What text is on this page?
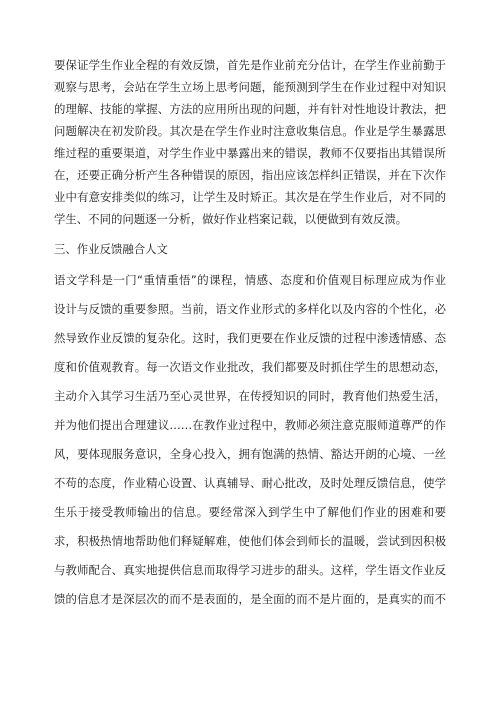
要保证学生作业全程的有效反馈，首先是作业前充分估计，在学生作业前勤于
观察与思考，会站在学生立场上思考问题，能预测到学生在作业过程中对知识
的理解、技能的掌握、方法的应用所出现的问题，并有针对性地设计教法，把
问题解决在初发阶段。其次是在学生作业时注意收集信息。作业是学生暴露思
维过程的重要渠道，对学生作业中暴露出来的错误，教师不仅要指出其错误所
在，还要正确分析产生各种错误的原因，指出应该怎样纠正错误，并在下次作
业中有意安排类似的练习，让学生及时矫正。其次是在学生作业后，对不同的
学生、不同的问题逐一分析，做好作业档案记载，以便做到有效反溃。
三、作业反馈融合人文
语文学科是一门“重情重悟”的课程，情感、态度和价值观目标理应成为作业
设计与反馈的重要参照。当前，语文作业形式的多样化以及内容的个性化，必
然导致作业反馈的复杂化。这时，我们更要在作业反馈的过程中渗透情感、态
度和价值观教育。每一次语文作业批改，我们都要及时抓住学生的思想动态，
主动介入其学习生活乃至心灵世界，在传授知识的同时，教育他们热爱生活，
并为他们提出合理建议……在教作业过程中，教师必须注意克服师道尊严的作
风，要体现服务意识，全身心投入，拥有饱满的热情、豁达开朗的心境、一丝
不苟的态度，作业精心设置、认真辅导、耐心批改，及时处理反馈信息，使学
生乐于接受教师输出的信息。要经常深入到学生中了解他们作业的困难和要
求，积极热情地帮助他们释疑解难，使他们体会到师长的温暖，尝试到因积极
与教师配合、真实地提供信息而取得学习进步的甜头。这样，学生语文作业反
馈的信息才是深层次的而不是表面的，是全面的而不是片面的，是真实的而不
